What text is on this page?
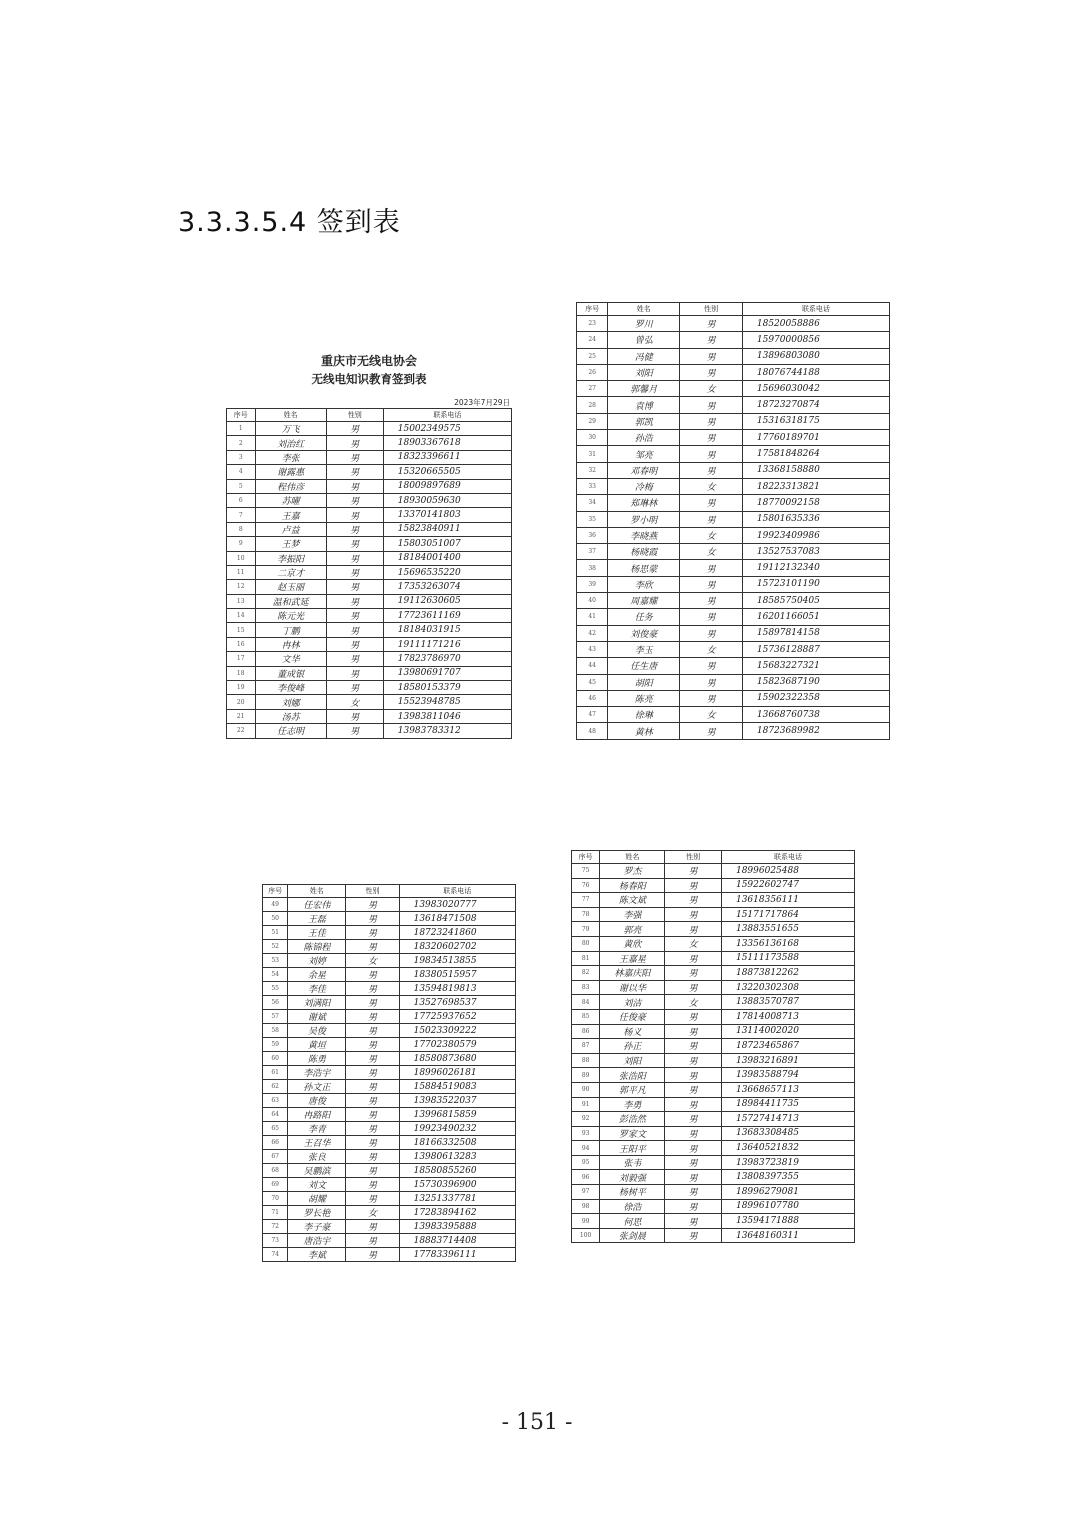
3.3.3.5.4 签到表
重庆市无线电协会
无线电知识教育签到表
2023年7月29日
序号	姓名	性别	联系电话
1	万飞	男	15002349575
2	刘治红	男	18903367618
3	李张	男	18323396611
4	谢露惠	男	15320665505
5	程伟彦	男	18009897689
6	苏曜	男	18930059630
7	王嘉	男	13370141803
8	卢益	男	15823840911
9	王梦	男	15803051007
10	李振阳	男	18184001400
11	二京才	男	15696535220
12	赵玉丽	男	17353263074
13	温和武延	男	19112630605
14	陈元光	男	17723611169
15	丁鹏	男	18184031915
16	冉林	男	19111171216
17	文华	男	17823786970
18	董成银	男	13980691707
19	李俊峰	男	18580153379
20	刘娜	女	15523948785
21	汤苏	男	13983811046
22	任志明	男	13983783312
序号	姓名	性别	联系电话
23	罗川	男	18520058886
24	曾弘	男	15970000856
25	冯健	男	13896803080
26	刘阳	男	18076744188
27	郭馨月	女	15696030042
28	袁博	男	18723270874
29	郭凯	男	15316318175
30	孙浩	男	17760189701
31	邹亮	男	17581848264
32	邓春明	男	13368158880
33	冷梅	女	18223313821
34	郑琳林	男	18770092158
35	罗小明	男	15801635336
36	李晓燕	女	19923409986
37	杨晓霞	女	13527537083
38	杨思蒙	男	19112132340
39	李欣	男	15723101190
40	周嘉耀	男	18585750405
41	任务	男	16201166051
42	刘俊豪	男	15897814158
43	李玉	女	15736128887
44	任生唐	男	15683227321
45	胡阳	男	15823687190
46	陈亮	男	15902322358
47	徐琳	女	13668760738
48	黄林	男	18723689982
序号	姓名	性别	联系电话
49	任宏伟	男	13983020777
50	王磊	男	13618471508
51	王佳	男	18723241860
52	陈锦程	男	18320602702
53	刘婷	女	19834513855
54	余星	男	18380515957
55	李佳	男	13594819813
56	刘满阳	男	13527698537
57	谢斌	男	17725937652
58	吴俊	男	15023309222
59	黄垣	男	17702380579
60	陈勇	男	18580873680
61	李浩宇	男	18996026181
62	孙文正	男	15884519083
63	唐俊	男	13983522037
64	冉路阳	男	13996815859
65	李青	男	19923490232
66	王召华	男	18166332508
67	张良	男	13980613283
68	吴鹏滨	男	18580855260
69	刘文	男	15730396900
70	胡耀	男	13251337781
71	罗长艳	女	17283894162
72	李子豪	男	13983395888
73	唐浩宇	男	18883714408
74	李斌	男	17783396111
序号	姓名	性别	联系电话
75	罗杰	男	18996025488
76	杨春阳	男	15922602747
77	陈文斌	男	13618356111
78	李强	男	15171717864
79	郭亮	男	13883551655
80	黄欣	女	13356136168
81	王嘉星	男	15111173588
82	林嘉庆阳	男	18873812262
83	谢以华	男	13220302308
84	刘洁	女	13883570787
85	任俊豪	男	17814008713
86	杨义	男	13114002020
87	孙正	男	18723465867
88	刘阳	男	13983216891
89	张浩阳	男	13983588794
90	郭平凡	男	13668657113
91	李勇	男	18984411735
92	彭浩然	男	15727414713
93	罗家文	男	13683308485
94	王阳平	男	13640521832
95	张韦	男	13983723819
96	刘毅强	男	13808397355
97	杨树平	男	18996279081
98	徐浩	男	18996107780
99	何思	男	13594171888
100	张剑晨	男	13648160311
- 151 -
